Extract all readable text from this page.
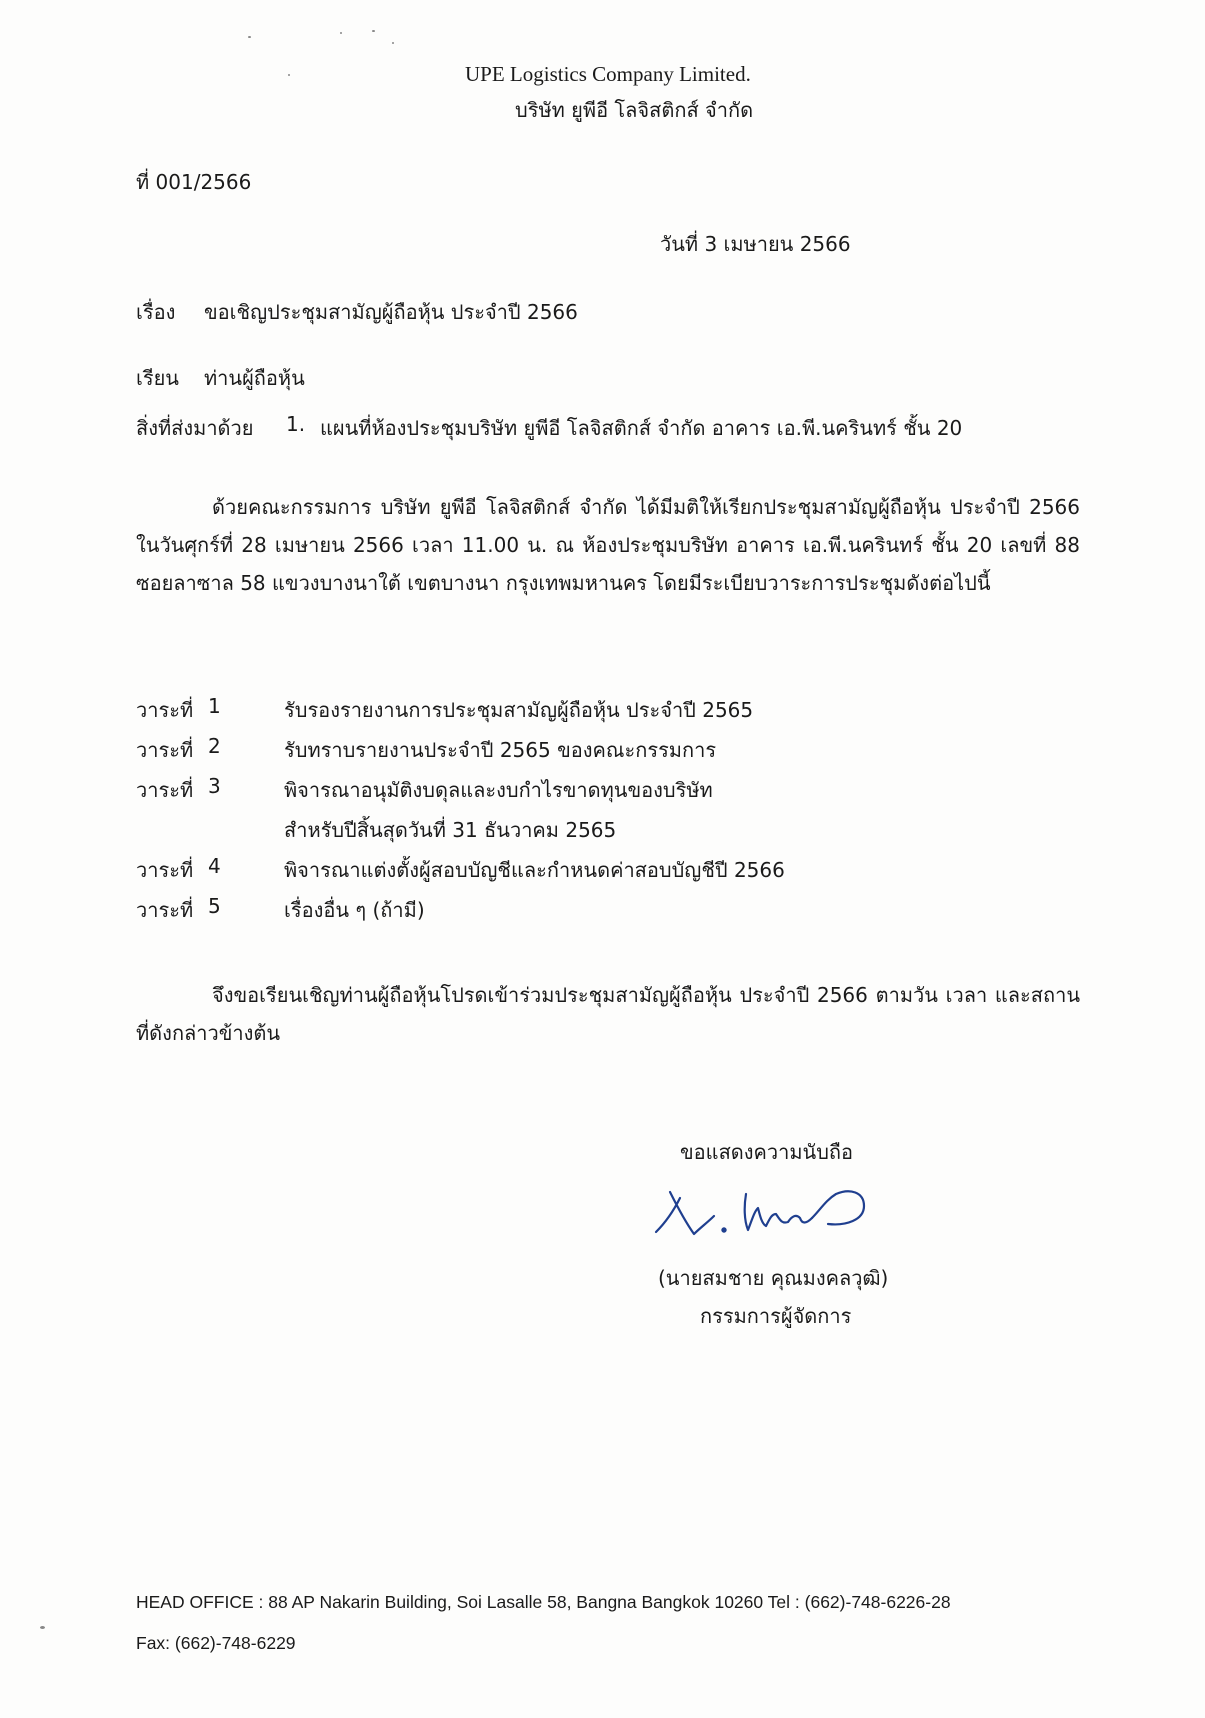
UPE Logistics Company Limited.
บริษัท ยูพีอี โลจิสติกส์ จำกัด
ที่ 001/2566
วันที่ 3 เมษายน 2566
เรื่อง ขอเชิญประชุมสามัญผู้ถือหุ้น ประจำปี 2566
เรียน ท่านผู้ถือหุ้น
สิ่งที่ส่งมาด้วย 1. แผนที่ห้องประชุมบริษัท ยูพีอี โลจิสติกส์ จำกัด อาคาร เอ.พี.นครินทร์ ชั้น 20

ด้วยคณะกรรมการ บริษัท ยูพีอี โลจิสติกส์ จำกัด ได้มีมติให้เรียกประชุมสามัญผู้ถือหุ้น ประจำปี 2566 ในวันศุกร์ที่ 28 เมษายน 2566 เวลา 11.00 น. ณ ห้องประชุมบริษัท อาคาร เอ.พี.นครินทร์ ชั้น 20 เลขที่ 88 ซอยลาซาล 58 แขวงบางนาใต้ เขตบางนา กรุงเทพมหานคร โดยมีระเบียบวาระการประชุมดังต่อไปนี้

วาระที่ 1	รับรองรายงานการประชุมสามัญผู้ถือหุ้น ประจำปี 2565
วาระที่ 2	รับทราบรายงานประจำปี 2565 ของคณะกรรมการ
วาระที่ 3	พิจารณาอนุมัติงบดุลและงบกำไรขาดทุนของบริษัท
สำหรับปีสิ้นสุดวันที่ 31 ธันวาคม 2565
วาระที่ 4	พิจารณาแต่งตั้งผู้สอบบัญชีและกำหนดค่าสอบบัญชีปี 2566
วาระที่ 5	เรื่องอื่น ๆ (ถ้ามี)

จึงขอเรียนเชิญท่านผู้ถือหุ้นโปรดเข้าร่วมประชุมสามัญผู้ถือหุ้น ประจำปี 2566 ตามวัน เวลา และสถานที่ดังกล่าวข้างต้น

ขอแสดงความนับถือ
(นายสมชาย คุณมงคลวุฒิ)
กรรมการผู้จัดการ
HEAD OFFICE : 88 AP Nakarin Building, Soi Lasalle 58, Bangna Bangkok 10260 Tel : (662)-748-6226-28
Fax: (662)-748-6229
